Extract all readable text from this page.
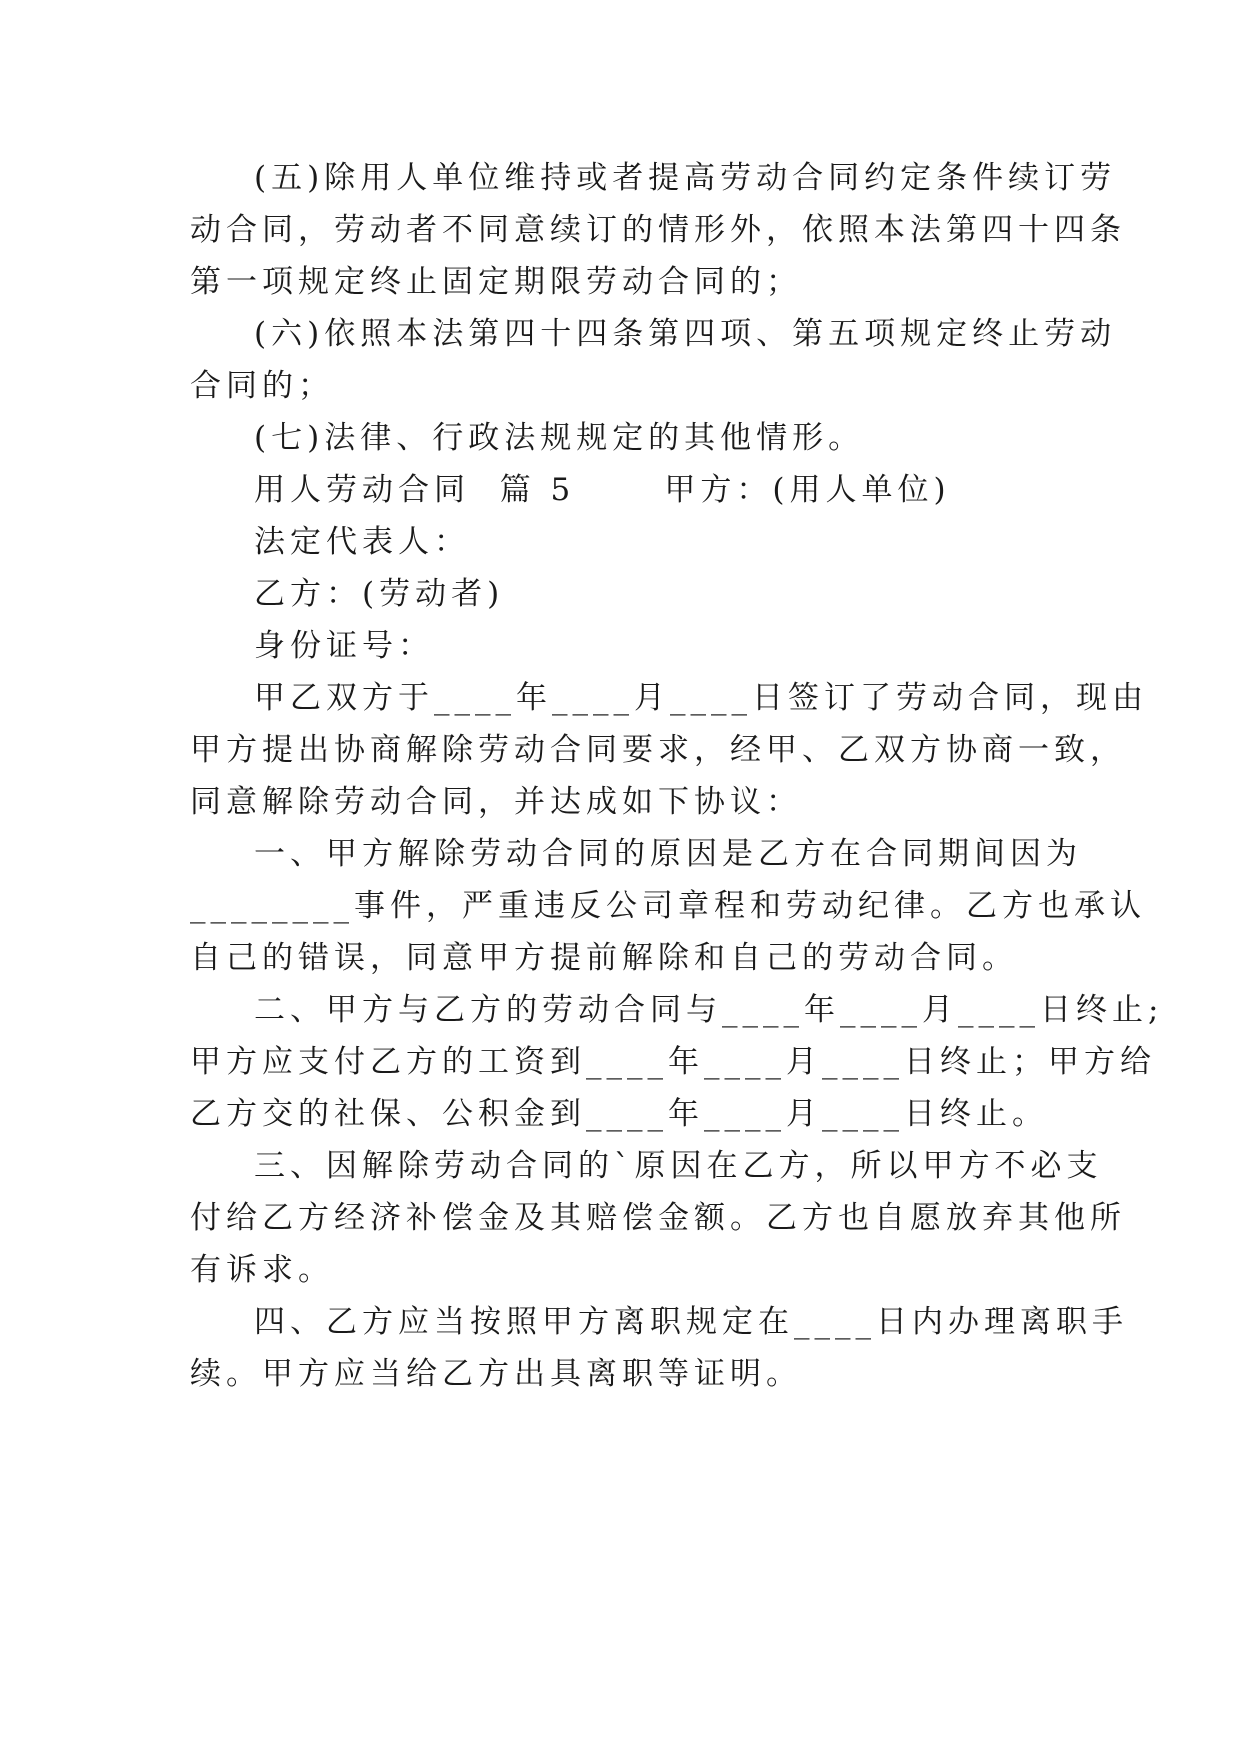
(五)除用人单位维持或者提高劳动合同约定条件续订劳
动合同，劳动者不同意续订的情形外，依照本法第四十四条
第一项规定终止固定期限劳动合同的；
(六)依照本法第四十四条第四项、第五项规定终止劳动
合同的；
(七)法律、行政法规规定的其他情形。
用人劳动合同  篇 5      甲方：(用人单位)
法定代表人：
乙方：(劳动者)
身份证号：
甲乙双方于____年____月____日签订了劳动合同，现由
甲方提出协商解除劳动合同要求，经甲、乙双方协商一致，
同意解除劳动合同，并达成如下协议：
一、甲方解除劳动合同的原因是乙方在合同期间因为
________事件，严重违反公司章程和劳动纪律。乙方也承认
自己的错误，同意甲方提前解除和自己的劳动合同。
二、甲方与乙方的劳动合同与____年____月____日终止;
甲方应支付乙方的工资到____年____月____日终止；甲方给
乙方交的社保、公积金到____年____月____日终止。
三、因解除劳动合同的`原因在乙方，所以甲方不必支
付给乙方经济补偿金及其赔偿金额。乙方也自愿放弃其他所
有诉求。
四、乙方应当按照甲方离职规定在____日内办理离职手
续。甲方应当给乙方出具离职等证明。
